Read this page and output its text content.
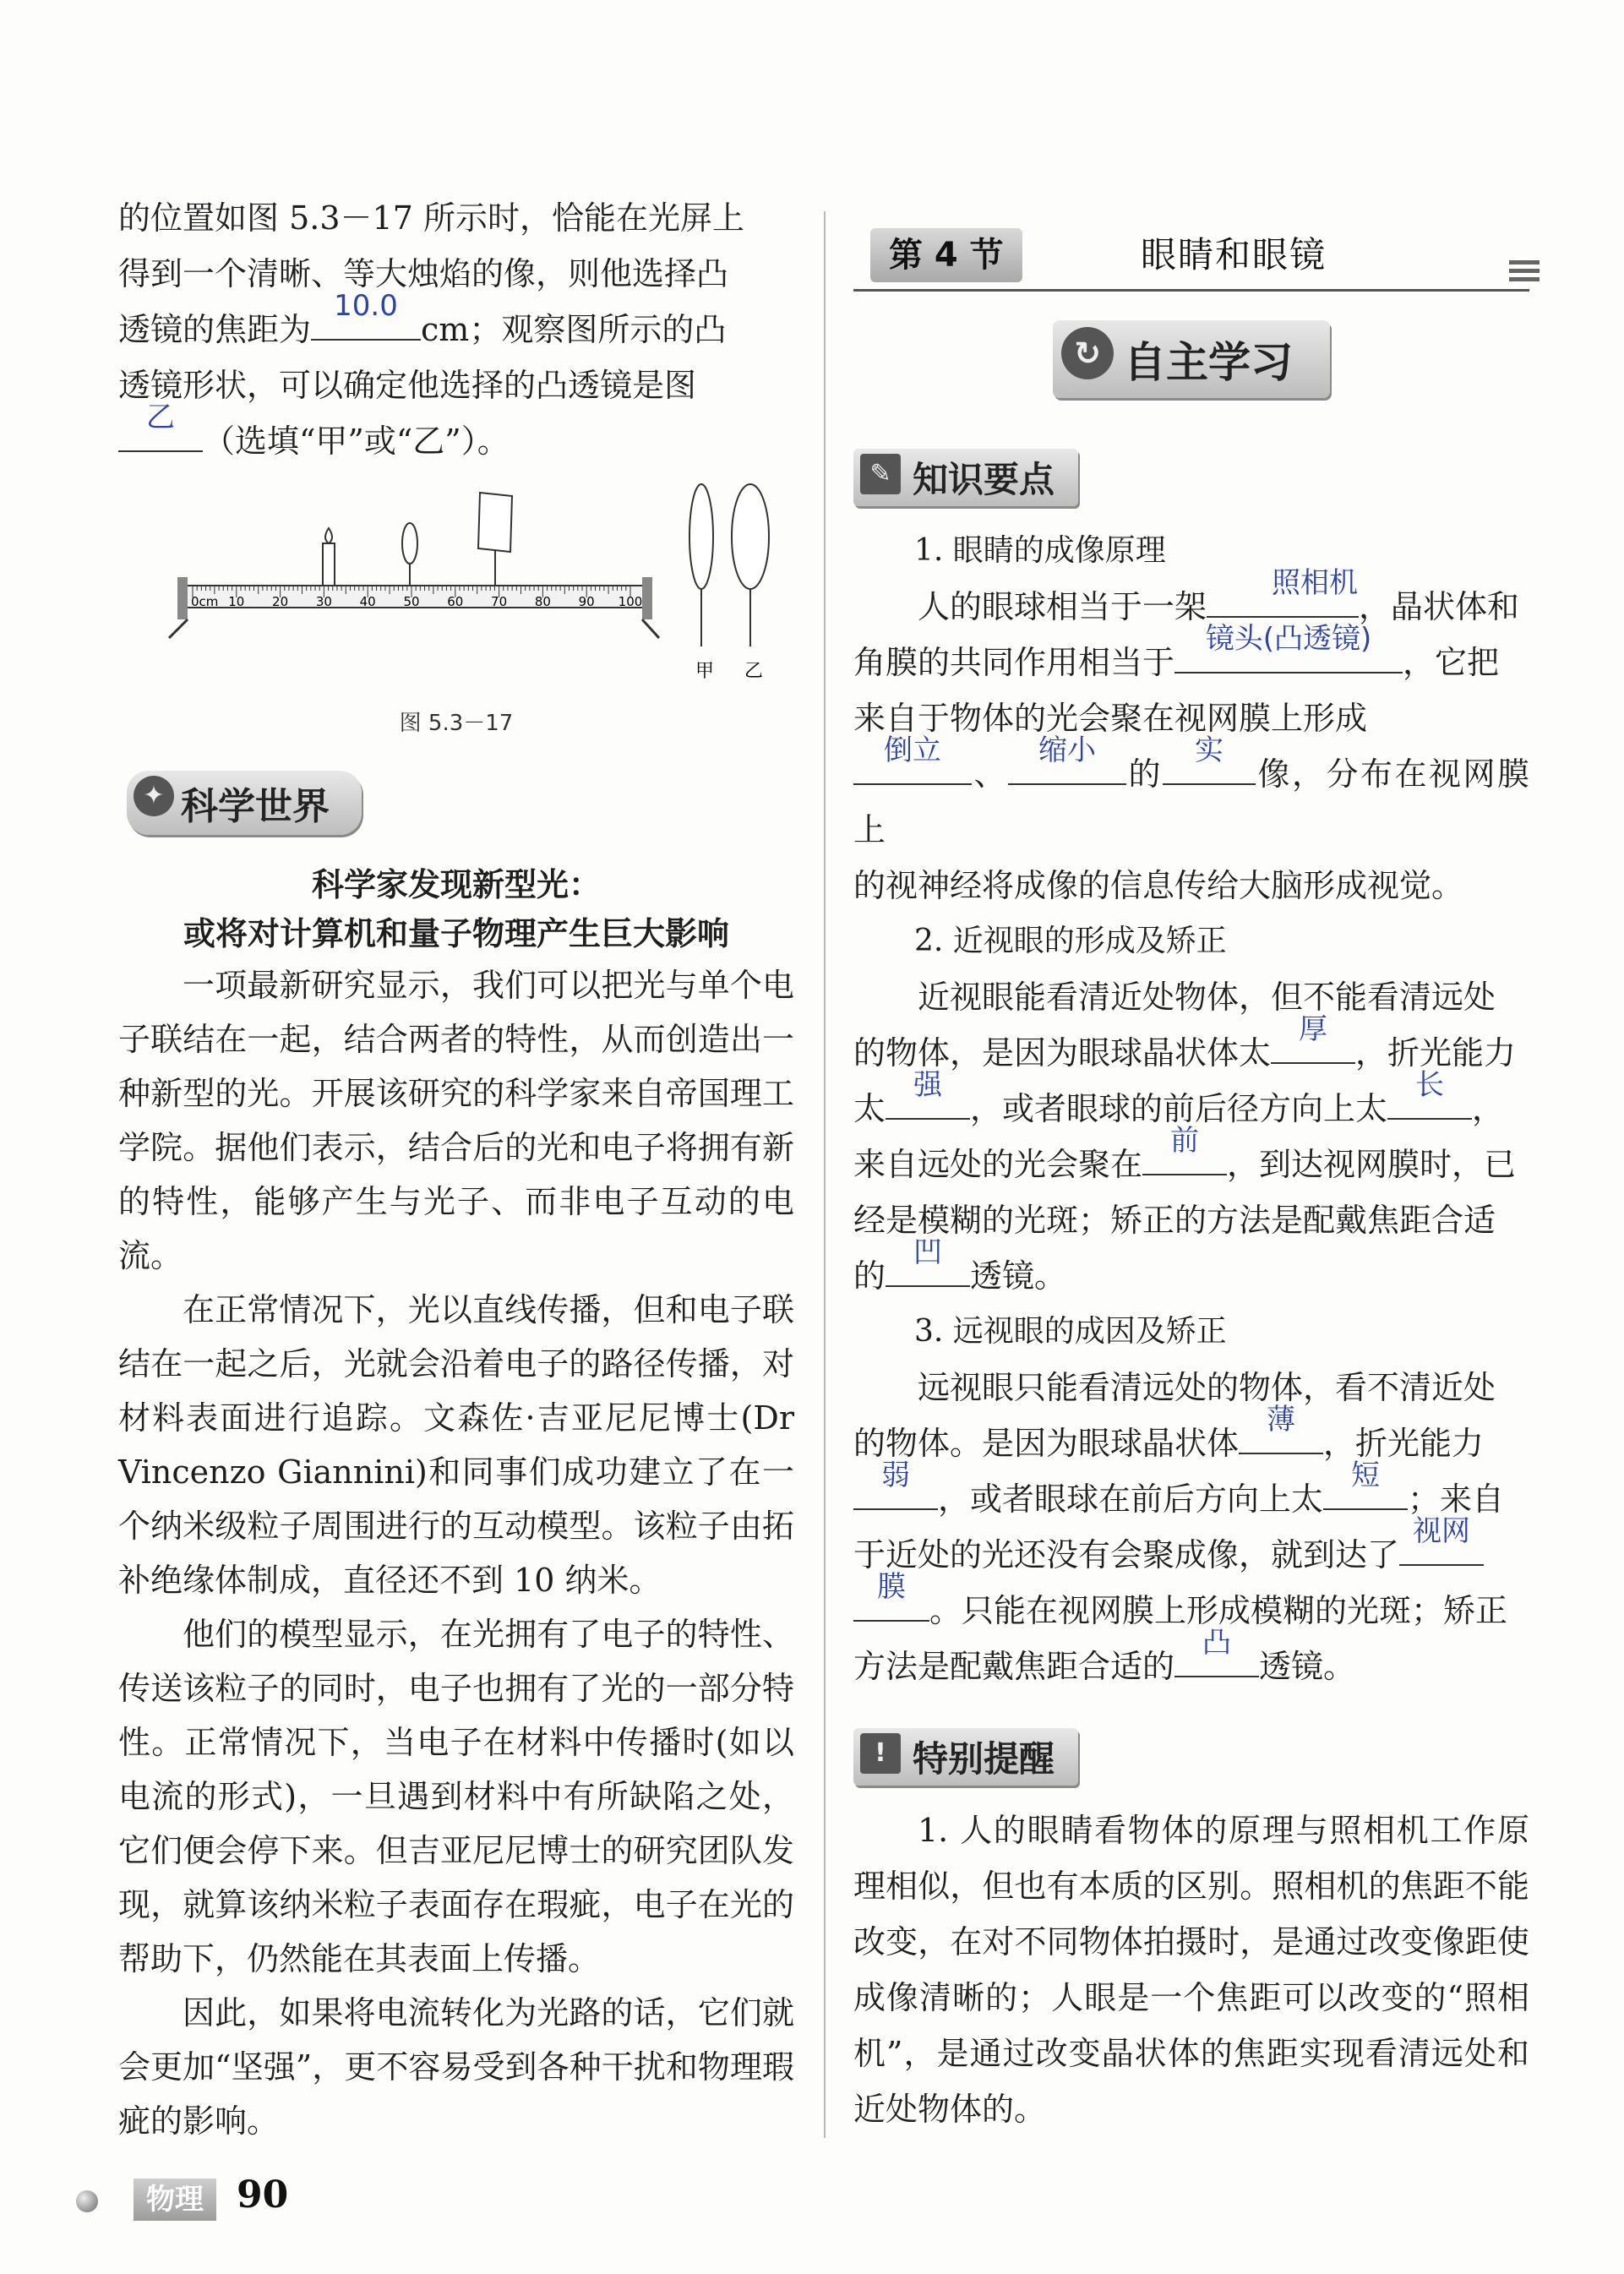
的位置如图 5.3－17 所示时，恰能在光屏上

得到一个清晰、等大烛焰的像，则他选择凸

透镜的焦距为
10.0
cm；观察图所示的凸

透镜形状，可以确定他选择的凸透镜是图

乙
（选填“甲”或“乙”）。

0cm 10 20 30 40 50 60 70 80 90 100
甲 乙
图 5.3－17
✦ 科学世界

科学家发现新型光：

或将对计算机和量子物理产生巨大影响

一项最新研究显示，我们可以把光与单个电子联结在一起，结合两者的特性，从而创造出一种新型的光。开展该研究的科学家来自帝国理工学院。据他们表示，结合后的光和电子将拥有新的特性，能够产生与光子、而非电子互动的电流。

在正常情况下，光以直线传播，但和电子联结在一起之后，光就会沿着电子的路径传播，对材料表面进行追踪。文森佐·吉亚尼尼博士(Dr Vincenzo Giannini)和同事们成功建立了在一个纳米级粒子周围进行的互动模型。该粒子由拓补绝缘体制成，直径还不到 10 纳米。

他们的模型显示，在光拥有了电子的特性、传送该粒子的同时，电子也拥有了光的一部分特性。正常情况下，当电子在材料中传播时(如以电流的形式)，一旦遇到材料中有所缺陷之处，它们便会停下来。但吉亚尼尼博士的研究团队发现，就算该纳米粒子表面存在瑕疵，电子在光的帮助下，仍然能在其表面上传播。

因此，如果将电流转化为光路的话，它们就会更加“坚强”，更不容易受到各种干扰和物理瑕疵的影响。

第 4 节	眼睛和眼镜
↻ 自主学习
✎ 知识要点

1. 眼睛的成像原理

人的眼球相当于一架
照相机
，晶状体和

角膜的共同作用相当于
镜头(凸透镜)
，它把

来自于物体的光会聚在视网膜上形成

倒立
、
缩小
的
实
像，分布在视网膜上

的视神经将成像的信息传给大脑形成视觉。

2. 近视眼的形成及矫正

近视眼能看清近处物体，但不能看清远处

的物体，是因为眼球晶状体太
厚
，折光能力

太
强
，或者眼球的前后径方向上太
长
，

来自远处的光会聚在
前
，到达视网膜时，已

经是模糊的光斑；矫正的方法是配戴焦距合适

的
凹
透镜。

3. 远视眼的成因及矫正

远视眼只能看清远处的物体，看不清近处

的物体。是因为眼球晶状体
薄
，折光能力

弱
，或者眼球在前后方向上太
短
；来自

于近处的光还没有会聚成像，就到达了
视网

膜
。只能在视网膜上形成模糊的光斑；矫正

方法是配戴焦距合适的
凸
透镜。

! 特别提醒

1. 人的眼睛看物体的原理与照相机工作原理相似，但也有本质的区别。照相机的焦距不能改变，在对不同物体拍摄时，是通过改变像距使成像清晰的；人眼是一个焦距可以改变的“照相机”，是通过改变晶状体的焦距实现看清远处和近处物体的。

物理 90
